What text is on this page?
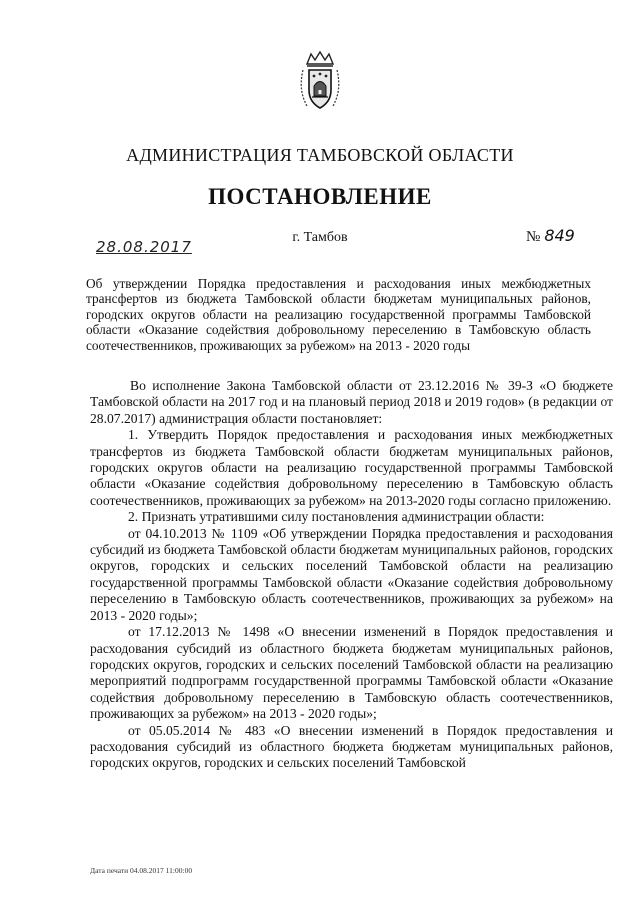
АДМИНИСТРАЦИЯ ТАМБОВСКОЙ ОБЛАСТИ
ПОСТАНОВЛЕНИЕ
28.08.2017
г. Тамбов	№ 849
Об утверждении Порядка предоставления и расходования иных межбюджетных трансфертов из бюджета Тамбовской области бюджетам муниципальных районов, городских округов области на реализацию государственной программы Тамбовской области «Оказание содействия добровольному переселению в Тамбовскую область соотечественников, проживающих за рубежом» на 2013 - 2020 годы

Во исполнение Закона Тамбовской области от 23.12.2016 № 39-З «О бюджете Тамбовской области на 2017 год и на плановый период 2018 и 2019 годов» (в редакции от 28.07.2017) администрация области постановляет:

1. Утвердить Порядок предоставления и расходования иных межбюджетных трансфертов из бюджета Тамбовской области бюджетам муниципальных районов, городских округов области на реализацию государственной программы Тамбовской области «Оказание содействия добровольному переселению в Тамбовскую область соотечественников, проживающих за рубежом» на 2013-2020 годы согласно приложению.

2. Признать утратившими силу постановления администрации области:

от 04.10.2013 № 1109 «Об утверждении Порядка предоставления и расходования субсидий из бюджета Тамбовской области бюджетам муниципальных районов, городских округов, городских и сельских поселений Тамбовской области на реализацию государственной программы Тамбовской области «Оказание содействия добровольному переселению в Тамбовскую область соотечественников, проживающих за рубежом» на 2013 - 2020 годы»;

от 17.12.2013 № 1498 «О внесении изменений в Порядок предоставления и расходования субсидий из областного бюджета бюджетам муниципальных районов, городских округов, городских и сельских поселений Тамбовской области на реализацию мероприятий подпрограмм государственной программы Тамбовской области «Оказание содействия добровольному переселению в Тамбовскую область соотечественников, проживающих за рубежом» на 2013 - 2020 годы»;

от 05.05.2014 № 483 «О внесении изменений в Порядок предоставления и расходования субсидий из областного бюджета бюджетам муниципальных районов, городских округов, городских и сельских поселений Тамбовской

Дата печати 04.08.2017 11:00:00
